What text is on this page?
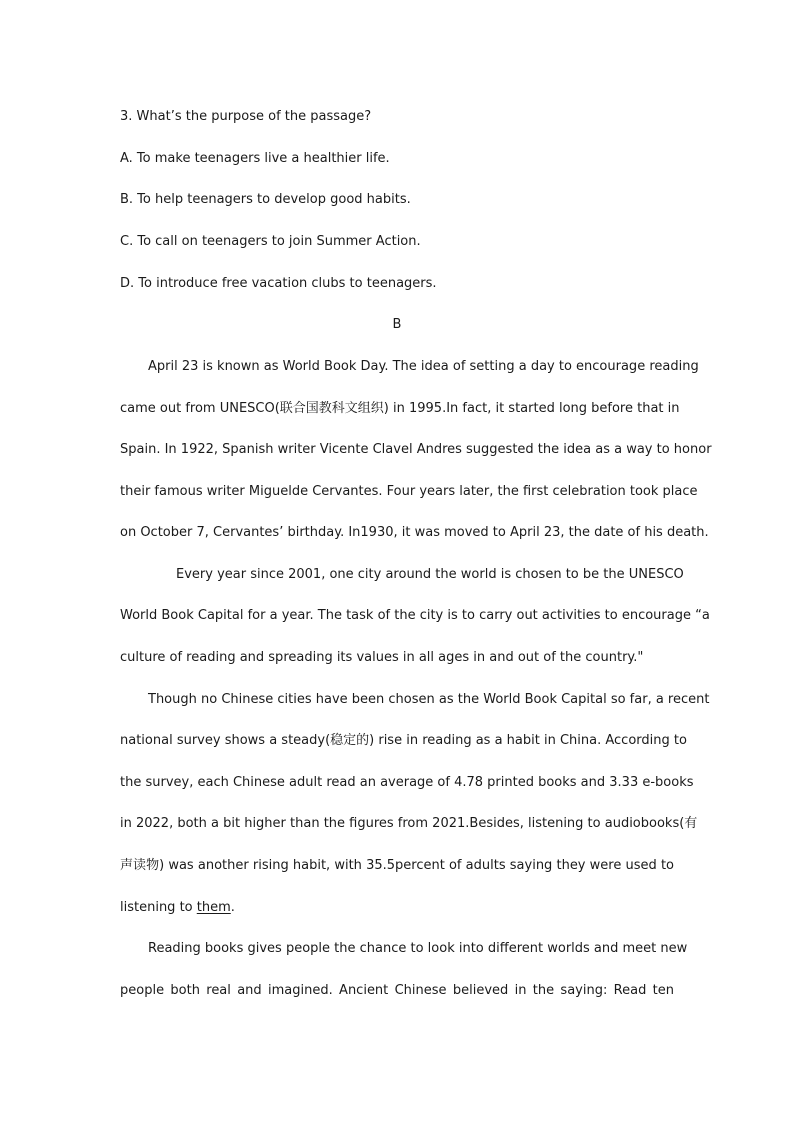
3. What’s the purpose of the passage?
A. To make teenagers live a healthier life.
B. To help teenagers to develop good habits.
C. To call on teenagers to join Summer Action.
D. To introduce free vacation clubs to teenagers.
B
April 23 is known as World Book Day. The idea of setting a day to encourage reading
came out from UNESCO(联合国教科文组织) in 1995.In fact, it started long before that in
Spain. In 1922, Spanish writer Vicente Clavel Andres suggested the idea as a way to honor
their famous writer Miguelde Cervantes. Four years later, the first celebration took place
on October 7, Cervantes’ birthday. In1930, it was moved to April 23, the date of his death.
Every year since 2001, one city around the world is chosen to be the UNESCO
World Book Capital for a year. The task of the city is to carry out activities to encourage “a
culture of reading and spreading its values in all ages in and out of the country."
Though no Chinese cities have been chosen as the World Book Capital so far, a recent
national survey shows a steady(稳定的) rise in reading as a habit in China. According to
the survey, each Chinese adult read an average of 4.78 printed books and 3.33 e-books
in 2022, both a bit higher than the figures from 2021.Besides, listening to audiobooks(有
声读物) was another rising habit, with 35.5percent of adults saying they were used to
listening to them.
Reading books gives people the chance to look into different worlds and meet new
people both real and imagined. Ancient Chinese believed in the saying: Read ten
